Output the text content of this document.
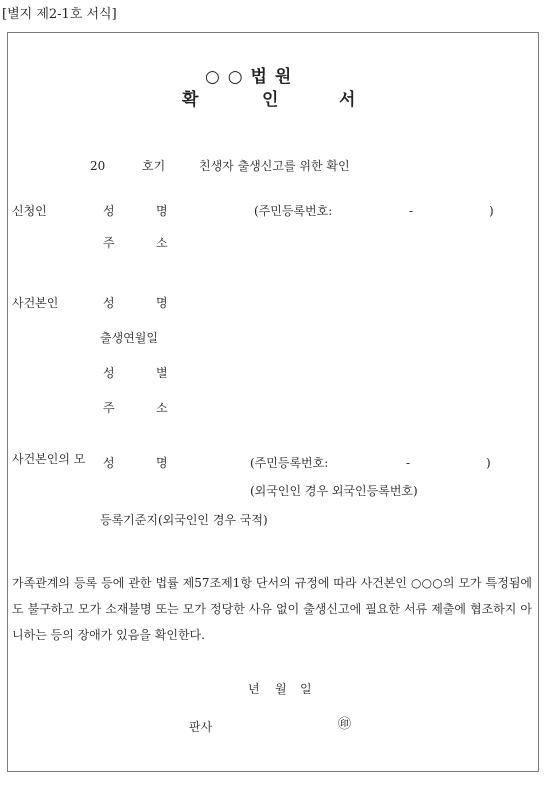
[별지 제2-1호 서식]
○ ○ 법 원
확	인	서
20	호기	친생자 출생신고를 위한 확인
신청인	성	명	(주민등록번호:	-	)
주	소
사건본인	성	명
출생연월일
성	별
주	소
사건본인의 모 성	명	(주민등록번호:	-	)
(외국인인 경우 외국인등록번호)
등록기준지(외국인인 경우 국적)
가족관계의 등록 등에 관한 법률 제57조제1항 단서의 규정에 따라 사건본인 ○○○의 모가 특정됨에도 불구하고 모가 소재불명 또는 모가 정당한 사유 없이 출생신고에 필요한 서류 제출에 협조하지 아니하는 등의 장애가 있음을 확인한다.
년 월 일
판사	㊞
